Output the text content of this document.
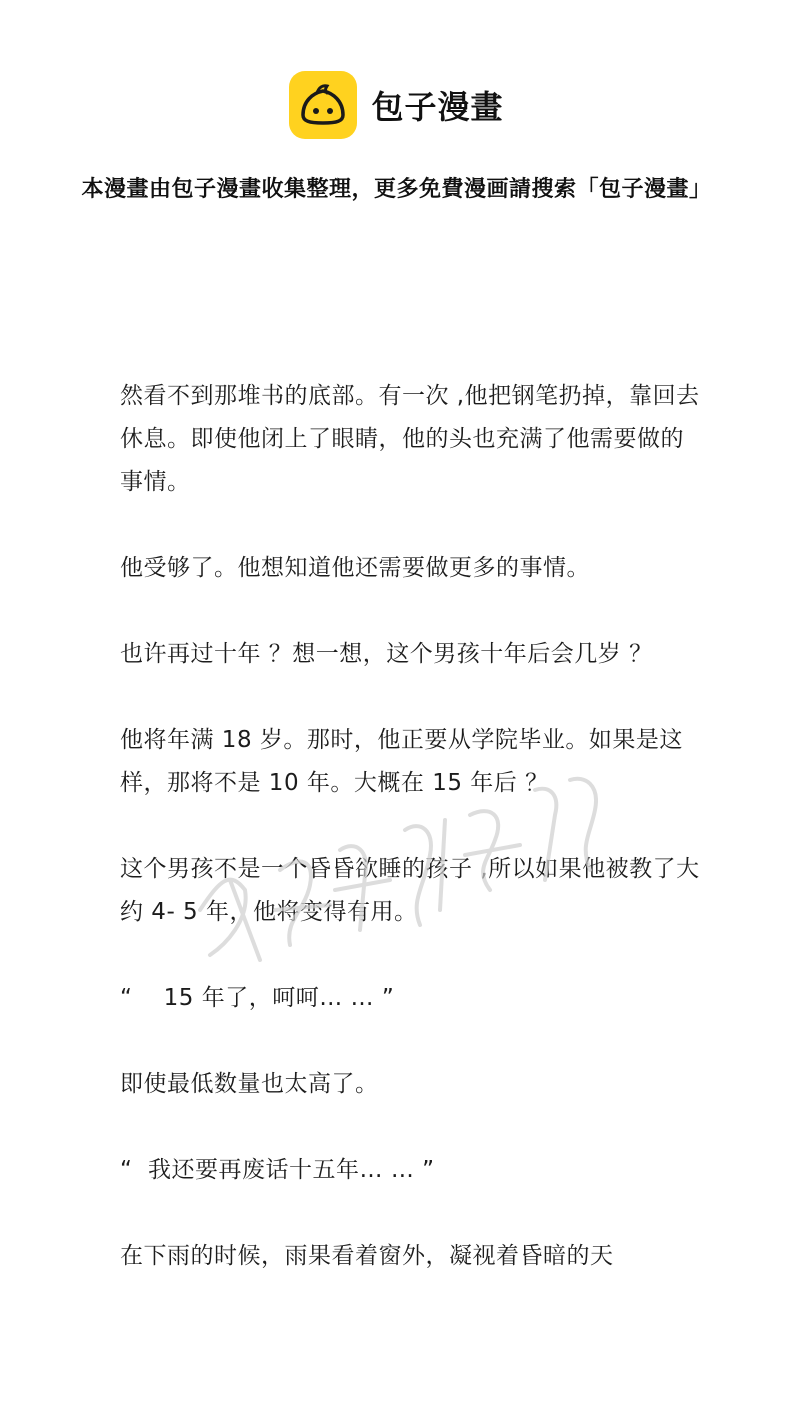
包子漫畫
本漫畫由包子漫畫收集整理，更多免費漫画請搜索「包子漫畫」

然看不到那堆书的底部。有一次 ,他把钢笔扔掉，靠回去休息。即使他闭上了眼睛，他的头也充满了他需要做的事情。

他受够了。他想知道他还需要做更多的事情。

也许再过十年 ？想一想，这个男孩十年后会几岁 ？

他将年满 18 岁。那时，他正要从学院毕业。如果是这样，那将不是 10 年。大概在 15 年后 ？

这个男孩不是一个昏昏欲睡的孩子 ,所以如果他被教了大约 4- 5 年，他将变得有用。

“    15 年了，呵呵… … ”

即使最低数量也太高了。

“  我还要再废话十五年… … ”

在下雨的时候，雨果看着窗外，凝视着昏暗的天
